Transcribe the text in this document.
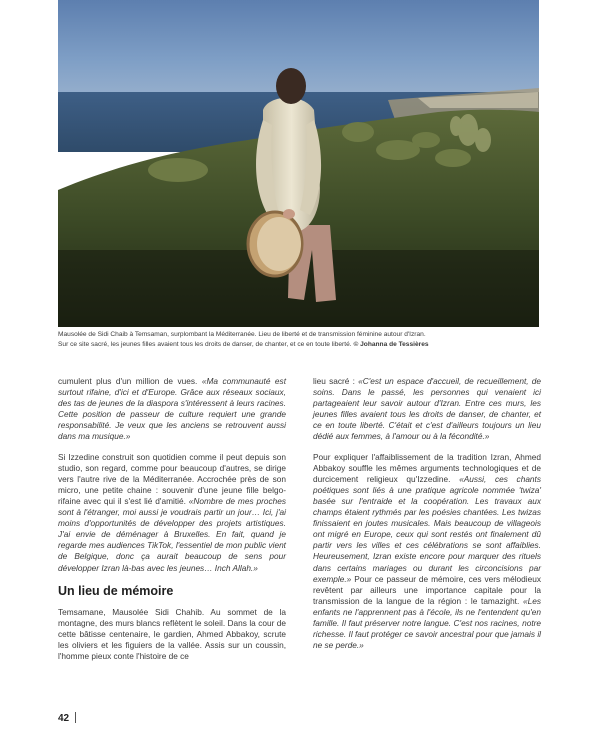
Mausolée de Sidi Chaib à Temsaman, surplombant la Méditerranée. Lieu de liberté et de transmission féminine autour d'Izran.
Sur ce site sacré, les jeunes filles avaient tous les droits de danser, de chanter, et ce en toute liberté. © Johanna de Tessières

cumulent plus d'un million de vues. «Ma communauté est surtout rifaine, d'ici et d'Europe. Grâce aux réseaux sociaux, des tas de jeunes de la diaspora s'intéressent à leurs racines. Cette position de passeur de culture requiert une grande responsabilité. Je veux que les anciens se retrouvent aussi dans ma musique.»

Si Izzedine construit son quotidien comme il peut depuis son studio, son regard, comme pour beaucoup d'autres, se dirige vers l'autre rive de la Méditerranée. Accrochée près de son micro, une petite chaine : souvenir d'une jeune fille belgo-rifaine avec qui il s'est lié d'amitié. «Nombre de mes proches sont à l'étranger, moi aussi je voudrais partir un jour… Ici, j'ai moins d'opportunités de développer des projets artistiques. J'ai envie de déménager à Bruxelles. En fait, quand je regarde mes audiences TikTok, l'essentiel de mon public vient de Belgique, donc ça aurait beaucoup de sens pour développer Izran là-bas avec les jeunes… Inch Allah.»

Un lieu de mémoire

Temsamane, Mausolée Sidi Chahib. Au sommet de la montagne, des murs blancs reflètent le soleil. Dans la cour de cette bâtisse centenaire, le gardien, Ahmed Abbakoy, scrute les oliviers et les figuiers de la vallée. Assis sur un coussin, l'homme pieux conte l'histoire de ce

lieu sacré : «C'est un espace d'accueil, de recueillement, de soins. Dans le passé, les personnes qui venaient ici partageaient leur savoir autour d'Izran. Entre ces murs, les jeunes filles avaient tous les droits de danser, de chanter, et ce en toute liberté. C'était et c'est d'ailleurs toujours un lieu dédié aux femmes, à l'amour ou à la fécondité.»

Pour expliquer l'affaiblissement de la tradition Izran, Ahmed Abbakoy souffle les mêmes arguments technologiques et de durcicement religieux qu'Izzedine. «Aussi, ces chants poétiques sont liés à une pratique agricole nommée 'twiza' basée sur l'entraide et la coopération. Les travaux aux champs étaient rythmés par les poésies chantées. Les twizas finissaient en joutes musicales. Mais beaucoup de villageois ont migré en Europe, ceux qui sont restés ont finalement dû partir vers les villes et ces célébrations se sont affaiblies. Heureusement, Izran existe encore pour marquer des rituels dans certains mariages ou durant les circoncisions par exemple.» Pour ce passeur de mémoire, ces vers mélodieux revêtent par ailleurs une importance capitale pour la transmission de la langue de la région : le tamazight. «Les enfants ne l'apprennent pas à l'école, ils ne l'entendent qu'en famille. Il faut préserver notre langue. C'est nos racines, notre richesse. Il faut protéger ce savoir ancestral pour que jamais il ne se perde.»

42
